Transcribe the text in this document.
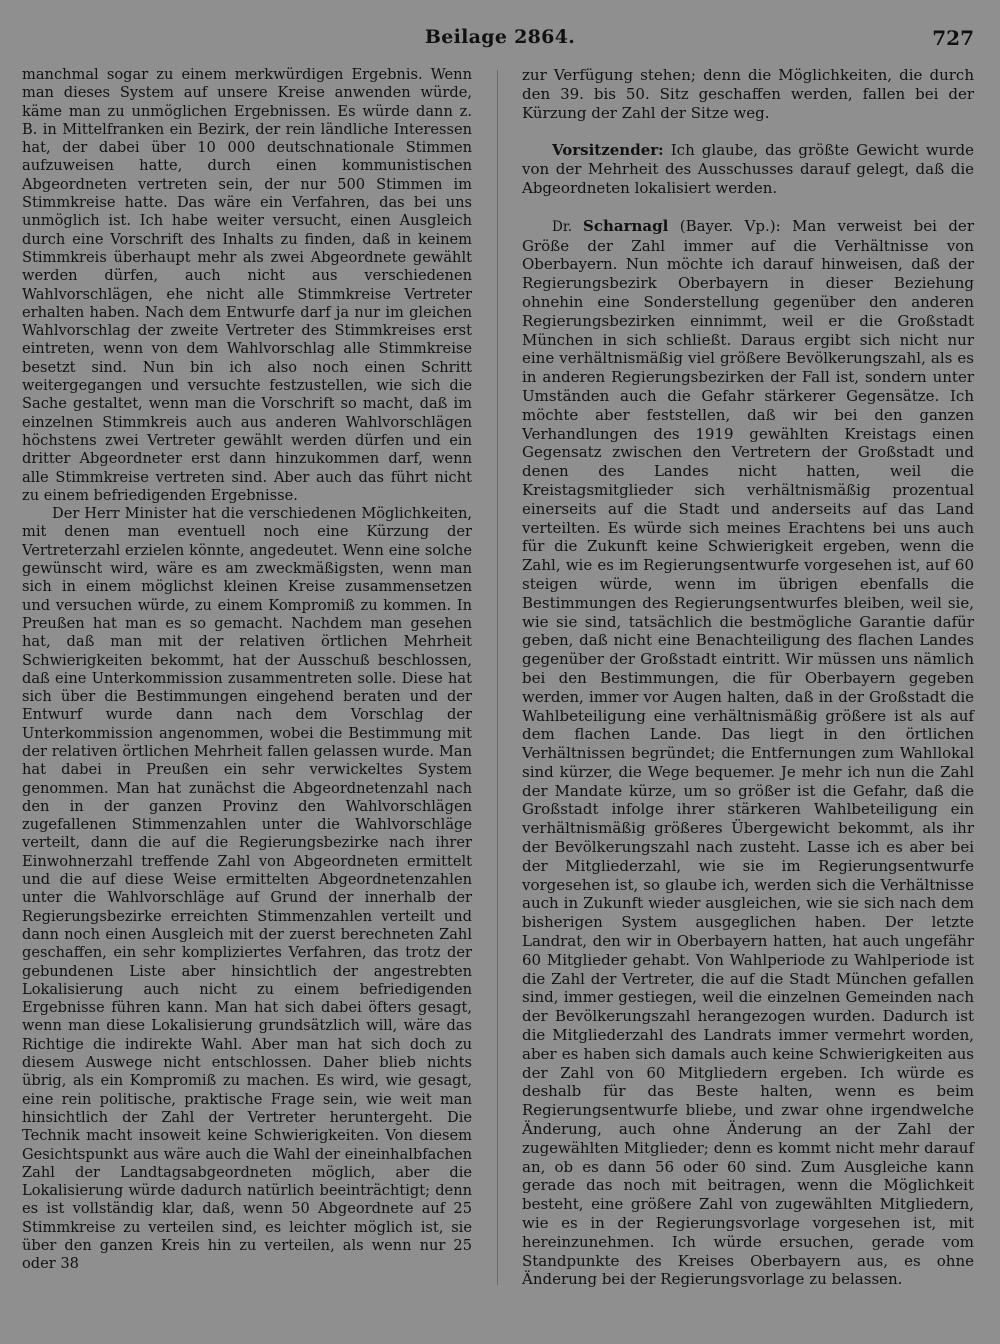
Beilage 2864.	727

manchmal sogar zu einem merkwürdigen Ergebnis. Wenn man dieses System auf unsere Kreise anwenden würde, käme man zu unmöglichen Ergebnissen. Es würde dann z. B. in Mittelfranken ein Bezirk, der rein ländliche Interessen hat, der dabei über 10 000 deutschnationale Stimmen aufzuweisen hatte, durch einen kommunistischen Abgeordneten vertreten sein, der nur 500 Stimmen im Stimmkreise hatte. Das wäre ein Verfahren, das bei uns unmöglich ist. Ich habe weiter versucht, einen Ausgleich durch eine Vorschrift des Inhalts zu finden, daß in keinem Stimmkreis überhaupt mehr als zwei Abgeordnete gewählt werden dürfen, auch nicht aus verschiedenen Wahlvorschlägen, ehe nicht alle Stimmkreise Vertreter erhalten haben. Nach dem Entwurfe darf ja nur im gleichen Wahlvorschlag der zweite Vertreter des Stimmkreises erst eintreten, wenn von dem Wahlvorschlag alle Stimmkreise besetzt sind. Nun bin ich also noch einen Schritt weitergegangen und versuchte festzustellen, wie sich die Sache gestaltet, wenn man die Vorschrift so macht, daß im einzelnen Stimmkreis auch aus anderen Wahlvorschlägen höchstens zwei Vertreter gewählt werden dürfen und ein dritter Abgeordneter erst dann hinzukommen darf, wenn alle Stimmkreise vertreten sind. Aber auch das führt nicht zu einem befriedigenden Ergebnisse.

Der Herr Minister hat die verschiedenen Möglichkeiten, mit denen man eventuell noch eine Kürzung der Vertreterzahl erzielen könnte, angedeutet. Wenn eine solche gewünscht wird, wäre es am zweckmäßigsten, wenn man sich in einem möglichst kleinen Kreise zusammensetzen und versuchen würde, zu einem Kompromiß zu kommen. In Preußen hat man es so gemacht. Nachdem man gesehen hat, daß man mit der relativen örtlichen Mehrheit Schwierigkeiten bekommt, hat der Ausschuß beschlossen, daß eine Unterkommission zusammentreten solle. Diese hat sich über die Bestimmungen eingehend beraten und der Entwurf wurde dann nach dem Vorschlag der Unterkommission angenommen, wobei die Bestimmung mit der relativen örtlichen Mehrheit fallen gelassen wurde. Man hat dabei in Preußen ein sehr verwickeltes System genommen. Man hat zunächst die Abgeordnetenzahl nach den in der ganzen Provinz den Wahlvorschlägen zugefallenen Stimmenzahlen unter die Wahlvorschläge verteilt, dann die auf die Regierungsbezirke nach ihrer Einwohnerzahl treffende Zahl von Abgeordneten ermittelt und die auf diese Weise ermittelten Abgeordnetenzahlen unter die Wahlvorschläge auf Grund der innerhalb der Regierungsbezirke erreichten Stimmenzahlen verteilt und dann noch einen Ausgleich mit der zuerst berechneten Zahl geschaffen, ein sehr kompliziertes Verfahren, das trotz der gebundenen Liste aber hinsichtlich der angestrebten Lokalisierung auch nicht zu einem befriedigenden Ergebnisse führen kann. Man hat sich dabei öfters gesagt, wenn man diese Lokalisierung grundsätzlich will, wäre das Richtige die indirekte Wahl. Aber man hat sich doch zu diesem Auswege nicht entschlossen. Daher blieb nichts übrig, als ein Kompromiß zu machen. Es wird, wie gesagt, eine rein politische, praktische Frage sein, wie weit man hinsichtlich der Zahl der Vertreter heruntergeht. Die Technik macht insoweit keine Schwierigkeiten. Von diesem Gesichtspunkt aus wäre auch die Wahl der eineinhalbfachen Zahl der Landtagsabgeordneten möglich, aber die Lokalisierung würde dadurch natürlich beeinträchtigt; denn es ist vollständig klar, daß, wenn 50 Abgeordnete auf 25 Stimmkreise zu verteilen sind, es leichter möglich ist, sie über den ganzen Kreis hin zu verteilen, als wenn nur 25 oder 38

zur Verfügung stehen; denn die Möglichkeiten, die durch den 39. bis 50. Sitz geschaffen werden, fallen bei der Kürzung der Zahl der Sitze weg.

Vorsitzender: Ich glaube, das größte Gewicht wurde von der Mehrheit des Ausschusses darauf gelegt, daß die Abgeordneten lokalisiert werden.

Dr. Scharnagl (Bayer. Vp.): Man verweist bei der Größe der Zahl immer auf die Verhältnisse von Oberbayern. Nun möchte ich darauf hinweisen, daß der Regierungsbezirk Oberbayern in dieser Beziehung ohnehin eine Sonderstellung gegenüber den anderen Regierungsbezirken einnimmt, weil er die Großstadt München in sich schließt. Daraus ergibt sich nicht nur eine verhältnismäßig viel größere Bevölkerungszahl, als es in anderen Regierungsbezirken der Fall ist, sondern unter Umständen auch die Gefahr stärkerer Gegensätze. Ich möchte aber feststellen, daß wir bei den ganzen Verhandlungen des 1919 gewählten Kreistags einen Gegensatz zwischen den Vertretern der Großstadt und denen des Landes nicht hatten, weil die Kreistagsmitglieder sich verhältnismäßig prozentual einerseits auf die Stadt und anderseits auf das Land verteilten. Es würde sich meines Erachtens bei uns auch für die Zukunft keine Schwierigkeit ergeben, wenn die Zahl, wie es im Regierungsentwurfe vorgesehen ist, auf 60 steigen würde, wenn im übrigen ebenfalls die Bestimmungen des Regierungsentwurfes bleiben, weil sie, wie sie sind, tatsächlich die bestmögliche Garantie dafür geben, daß nicht eine Benachteiligung des flachen Landes gegenüber der Großstadt eintritt. Wir müssen uns nämlich bei den Bestimmungen, die für Oberbayern gegeben werden, immer vor Augen halten, daß in der Großstadt die Wahlbeteiligung eine verhältnismäßig größere ist als auf dem flachen Lande. Das liegt in den örtlichen Verhältnissen begründet; die Entfernungen zum Wahllokal sind kürzer, die Wege bequemer. Je mehr ich nun die Zahl der Mandate kürze, um so größer ist die Gefahr, daß die Großstadt infolge ihrer stärkeren Wahlbeteiligung ein verhältnismäßig größeres Übergewicht bekommt, als ihr der Bevölkerungszahl nach zusteht. Lasse ich es aber bei der Mitgliederzahl, wie sie im Regierungsentwurfe vorgesehen ist, so glaube ich, werden sich die Verhältnisse auch in Zukunft wieder ausgleichen, wie sie sich nach dem bisherigen System ausgeglichen haben. Der letzte Landrat, den wir in Oberbayern hatten, hat auch ungefähr 60 Mitglieder gehabt. Von Wahlperiode zu Wahlperiode ist die Zahl der Vertreter, die auf die Stadt München gefallen sind, immer gestiegen, weil die einzelnen Gemeinden nach der Bevölkerungszahl herangezogen wurden. Dadurch ist die Mitgliederzahl des Landrats immer vermehrt worden, aber es haben sich damals auch keine Schwierigkeiten aus der Zahl von 60 Mitgliedern ergeben. Ich würde es deshalb für das Beste halten, wenn es beim Regierungsentwurfe bliebe, und zwar ohne irgendwelche Änderung, auch ohne Änderung an der Zahl der zugewählten Mitglieder; denn es kommt nicht mehr darauf an, ob es dann 56 oder 60 sind. Zum Ausgleiche kann gerade das noch mit beitragen, wenn die Möglichkeit besteht, eine größere Zahl von zugewählten Mitgliedern, wie es in der Regierungsvorlage vorgesehen ist, mit hereinzunehmen. Ich würde ersuchen, gerade vom Standpunkte des Kreises Oberbayern aus, es ohne Änderung bei der Regierungsvorlage zu belassen.
